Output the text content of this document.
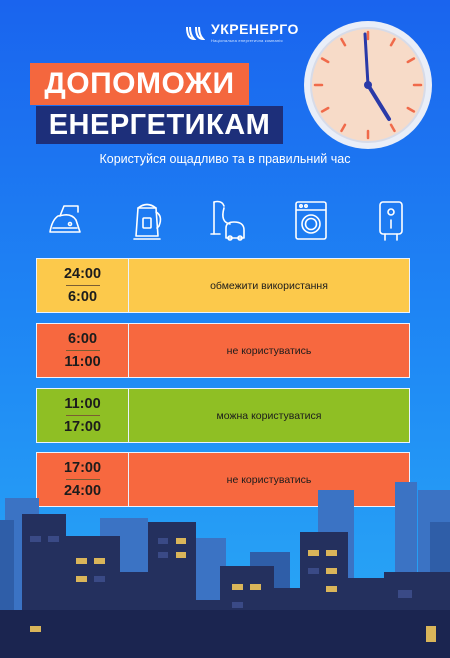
УКРЕНЕРГО
Національна енергетична компанія
ДОПОМОЖИ
ЕНЕРГЕТИКАМ
Користуйся ощадливо та в правильний час
24:00
6:00
обмежити використання
6:00
11:00
не користуватись
11:00
17:00
можна користуватися
17:00
24:00
не користуватись
